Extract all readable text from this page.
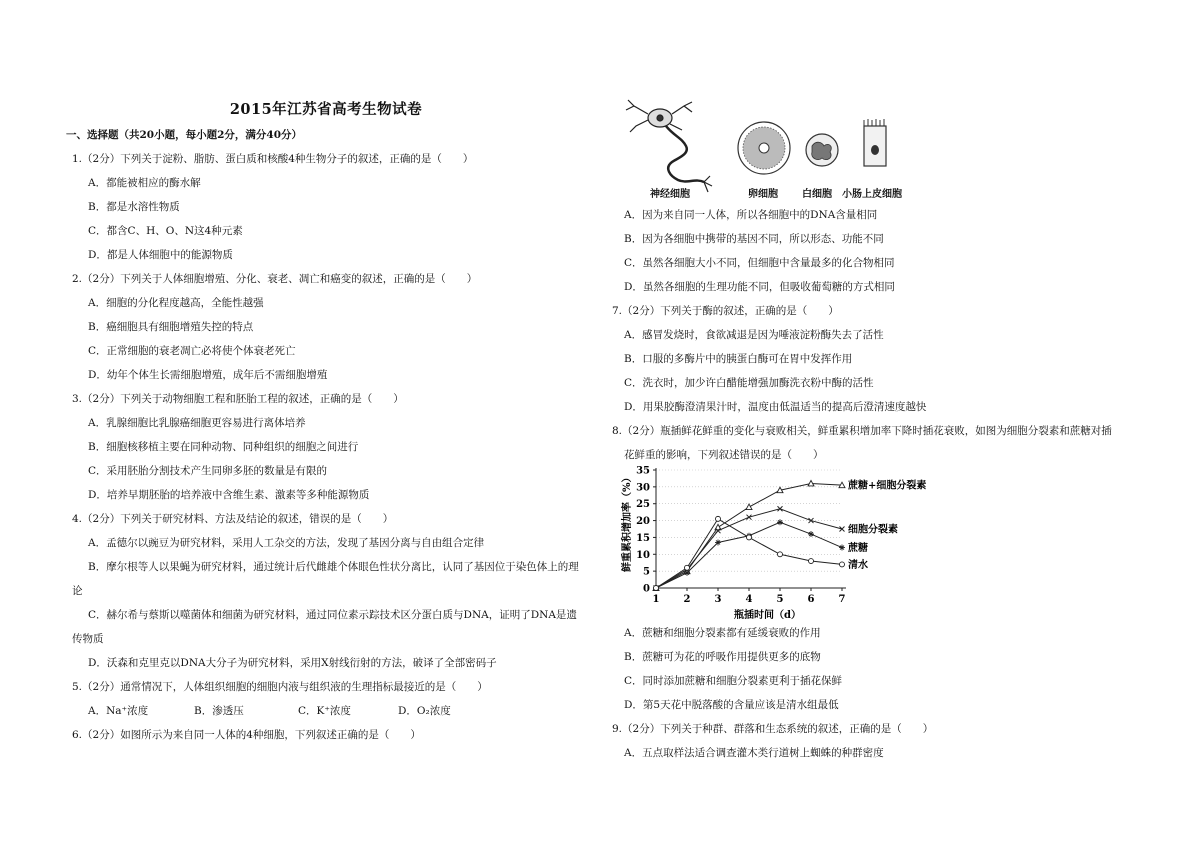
2015年江苏省高考生物试卷
一、选择题（共20小题，每小题2分，满分40分）
1.（2分）下列关于淀粉、脂肪、蛋白质和核酸4种生物分子的叙述，正确的是（　　）
A．都能被相应的酶水解
B．都是水溶性物质
C．都含C、H、O、N这4种元素
D．都是人体细胞中的能源物质
2.（2分）下列关于人体细胞增殖、分化、衰老、凋亡和癌变的叙述，正确的是（　　）
A．细胞的分化程度越高，全能性越强
B．癌细胞具有细胞增殖失控的特点
C．正常细胞的衰老凋亡必将使个体衰老死亡
D．幼年个体生长需细胞增殖，成年后不需细胞增殖
3.（2分）下列关于动物细胞工程和胚胎工程的叙述，正确的是（　　）
A．乳腺细胞比乳腺癌细胞更容易进行离体培养
B．细胞核移植主要在同种动物、同种组织的细胞之间进行
C．采用胚胎分割技术产生同卵多胚的数量是有限的
D．培养早期胚胎的培养液中含维生素、激素等多种能源物质
4.（2分）下列关于研究材料、方法及结论的叙述，错误的是（　　）
A．孟德尔以豌豆为研究材料，采用人工杂交的方法，发现了基因分离与自由组合定律
B．摩尔根等人以果蝇为研究材料，通过统计后代雌雄个体眼色性状分离比，认同了基因位于染色体上的理
论
C．赫尔希与蔡斯以噬菌体和细菌为研究材料，通过同位素示踪技术区分蛋白质与DNA，证明了DNA是遗
传物质
D．沃森和克里克以DNA大分子为研究材料，采用X射线衍射的方法，破译了全部密码子
5.（2分）通常情况下，人体组织细胞的细胞内液与组织液的生理指标最接近的是（　　）
A．Na⁺浓度	B．渗透压	C．K⁺浓度	D．O₂浓度
6.（2分）如图所示为来自同一人体的4种细胞，下列叙述正确的是（　　）
神经细胞	卵细胞 白细胞 小肠上皮细胞
A．因为来自同一人体，所以各细胞中的DNA含量相同
B．因为各细胞中携带的基因不同，所以形态、功能不同
C．虽然各细胞大小不同，但细胞中含量最多的化合物相同
D．虽然各细胞的生理功能不同，但吸收葡萄糖的方式相同
7.（2分）下列关于酶的叙述，正确的是（　　）
A．感冒发烧时，食欲减退是因为唾液淀粉酶失去了活性
B．口服的多酶片中的胰蛋白酶可在胃中发挥作用
C．洗衣时，加少许白醋能增强加酶洗衣粉中酶的活性
D．用果胶酶澄清果汁时，温度由低温适当的提高后澄清速度越快
8.（2分）瓶插鲜花鲜重的变化与衰败相关，鲜重累积增加率下降时插花衰败，如图为细胞分裂素和蔗糖对插
花鲜重的影响，下列叙述错误的是（　　）
鲜重累积增加率（%）
瓶插时间（d）
0
5
10
15
20
25
30
35
1 2 3 4 5 6 7
蔗糖+细胞分裂素
细胞分裂素
蔗糖
清水
A．蔗糖和细胞分裂素都有延缓衰败的作用
B．蔗糖可为花的呼吸作用提供更多的底物
C．同时添加蔗糖和细胞分裂素更利于插花保鲜
D．第5天花中脱落酸的含量应该是清水组最低
9.（2分）下列关于种群、群落和生态系统的叙述，正确的是（　　）
A．五点取样法适合调查灌木类行道树上蜘蛛的种群密度
